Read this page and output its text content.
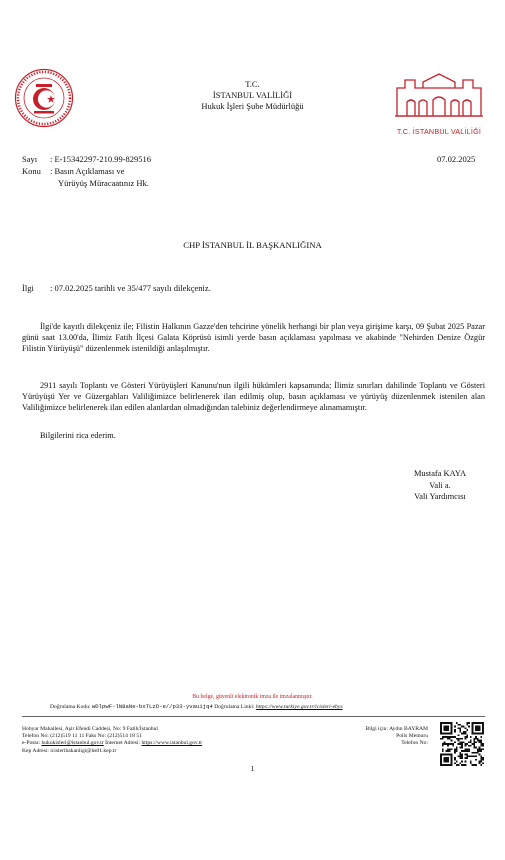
T.C.
İSTANBUL VALİLİĞİ
Hukuk İşleri Şube Müdürlüğü
T.C. İSTANBUL VALİLİĞİ
Sayı : E-15342297-210.99-829516
Konu : Basın Açıklaması ve
Yürüyüş Müracaatınız Hk.
07.02.2025
CHP İSTANBUL İL BAŞKANLIĞINA
İlgi : 07.02.2025 tarihli ve 35/477 sayılı dilekçeniz.
İlgi'de kayıtlı dilekçeniz ile; Filistin Halkının Gazze'den tehcirine yönelik herhangi bir plan veya girişime karşı, 09 Şubat 2025 Pazar günü saat 13.00'da, İlimiz Fatih İlçesi Galata Köprüsü isimli yerde basın açıklaması yapılması ve akabinde "Nehirden Denize Özgür Filistin Yürüyüşü" düzenlenmek istenildiği anlaşılmıştır.
2911 sayılı Toplantı ve Gösteri Yürüyüşleri Kanunu'nun ilgili hükümleri kapsamında; İlimiz sınırları dahilinde Toplantı ve Gösteri Yürüyüşü Yer ve Güzergahları Valiliğimizce belirlenerek ilan edilmiş olup, basın açıklaması ve yürüyüş düzenlenmek istenilen alan Valiliğimizce belirlenerek ilan edilen alanlardan olmadığından talebiniz değerlendirmeye alınamamıştır.
Bilgilerini rica ederim.
Mustafa KAYA
Vali a.
Vali Yardımcısı
Bu belge, güvenli elektronik imza ile imzalanmıştır.
Doğrulama Kodu: wDlpwF-lN8aNe-bxTLzD-e//p33-yvauijq4 Doğrulama Linki: https://www.turkiye.gov.tr/icisleri-ebys
Hobyar Mahallesi, Aşir Efendi Caddesi, No: 9 Fatih/İstanbul
Telefon No: (212)519 11 11 Faks No: (212)514 18 51
e-Posta: hukukisleri@istanbul.gov.tr İnternet Adresi: https://www.istanbul.gov.tr
Kep Adresi: icisleribakanligi@hs01.kep.tr
Bilgi için: Aydın BAYRAM
Polis Memuru
Telefon No:
1
